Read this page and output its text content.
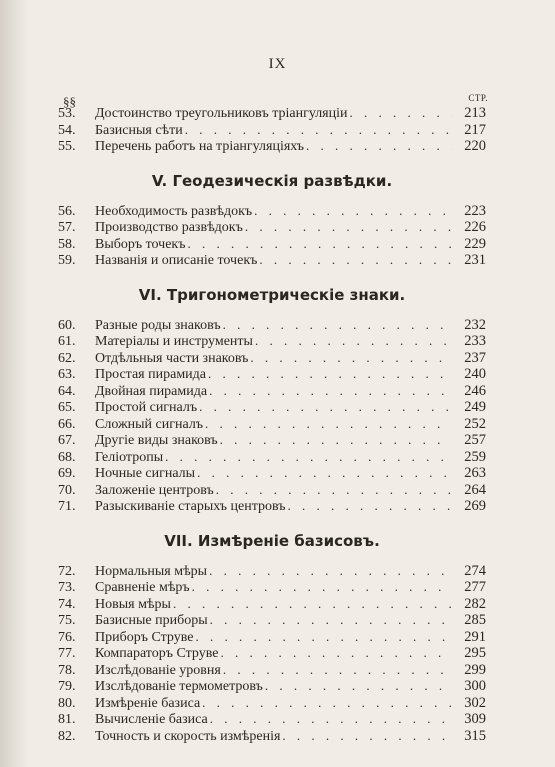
IX
§§	СТР.
53.	Достоинство треугольниковъ тріангуляціи . . .	213
54.	Базисныя сѣти . . .	217
55.	Перечень работъ на тріангуляціяхъ . . .	220
V. Геодезическія развѣдки.
56.	Необходимость развѣдокъ . . .	223
57.	Производство развѣдокъ . . .	226
58.	Выборъ точекъ . . .	229
59.	Названія и описаніе точекъ . . .	231
VI. Тригонометрическіе знаки.
60.	Разные роды знаковъ . . .	232
61.	Матеріалы и инструменты . . .	233
62.	Отдѣльныя части знаковъ . . .	237
63.	Простая пирамида . . .	240
64.	Двойная пирамида . . .	246
65.	Простой сигналъ . . .	249
66.	Сложный сигналъ . . .	252
67.	Другіе виды знаковъ . . .	257
68.	Геліотропы . . .	259
69.	Ночные сигналы . . .	263
70.	Заложеніе центровъ . . .	264
71.	Разыскиваніе старыхъ центровъ . . .	269
VII. Измѣреніе базисовъ.
72.	Нормальныя мѣры . . .	274
73.	Сравненіе мѣръ . . .	277
74.	Новыя мѣры . . .	282
75.	Базисные приборы . . .	285
76.	Приборъ Струве . . .	291
77.	Компараторъ Струве . . .	295
78.	Изслѣдованіе уровня . . .	299
79.	Изслѣдованіе термометровъ . . .	300
80.	Измѣреніе базиса . . .	302
81.	Вычисленіе базиса . . .	309
82.	Точность и скорость измѣренія . . .	315
